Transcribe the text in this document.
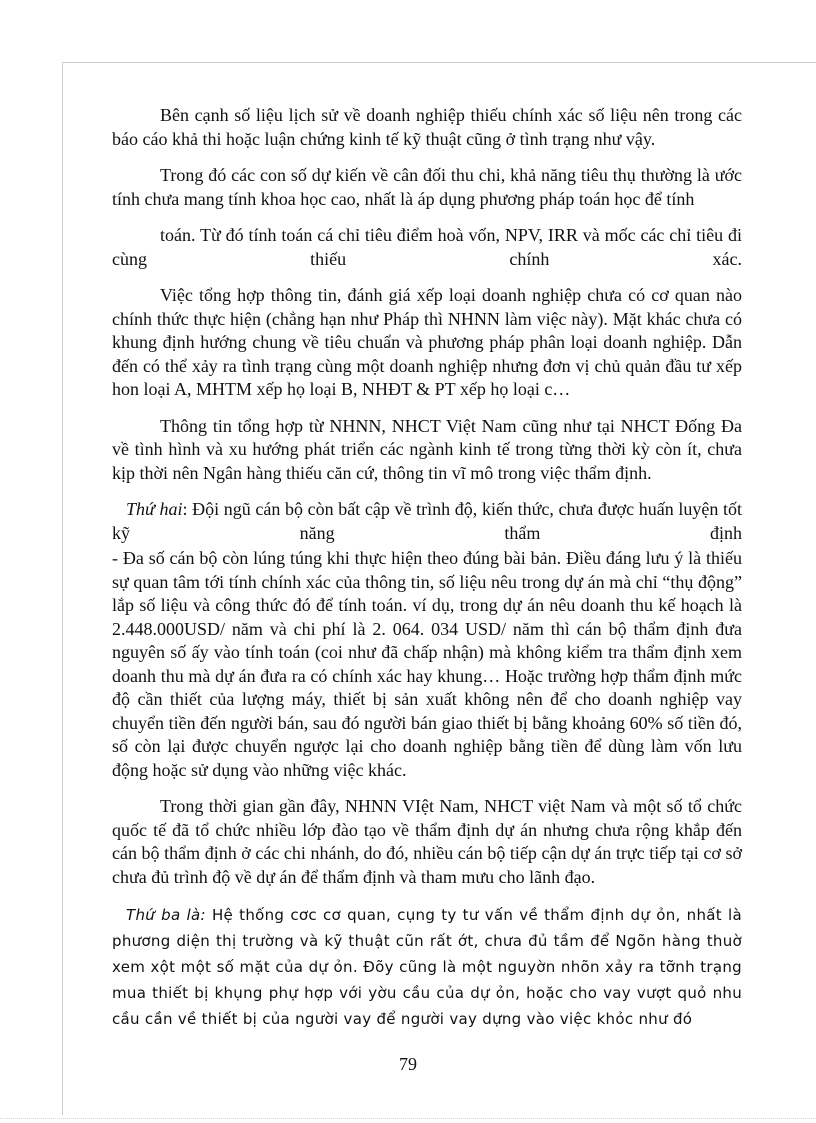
Bên cạnh số liệu lịch sử về doanh nghiệp thiếu chính xác số liệu nên trong các báo cáo khả thi hoặc luận chứng kinh tế kỹ thuật cũng ở tình trạng như vậy.

Trong đó các con số dự kiến về cân đối thu chi, khả năng tiêu thụ thường là ước tính chưa mang tính khoa học cao, nhất là áp dụng phương pháp toán học để tính

toán. Từ đó tính toán cá chỉ tiêu điểm hoà vốn, NPV, IRR và mốc các chỉ tiêu đi cùng thiếu chính xác.

Việc tổng hợp thông tin, đánh giá xếp loại doanh nghiệp chưa có cơ quan nào chính thức thực hiện (chẳng hạn như Pháp thì NHNN làm việc này). Mặt khác chưa có khung định hướng chung về tiêu chuẩn và phương pháp phân loại doanh nghiệp. Dẫn đến có thể xảy ra tình trạng cùng một doanh nghiệp nhưng đơn vị chủ quản đầu tư xếp hon loại A, MHTM xếp họ loại B, NHĐT & PT xếp họ loại c…

Thông tin tổng hợp từ NHNN, NHCT Việt Nam cũng như tại NHCT Đống Đa về tình hình và xu hướng phát triển các ngành kinh tế trong từng thời kỳ còn ít, chưa kịp thời nên Ngân hàng thiếu căn cứ, thông tin vĩ mô trong việc thẩm định.

Thứ hai: Đội ngũ cán bộ còn bất cập về trình độ, kiến thức, chưa được huấn luyện tốt kỹ năng thẩm định

- Đa số cán bộ còn lúng túng khi thực hiện theo đúng bài bản. Điều đáng lưu ý là thiếu sự quan tâm tới tính chính xác của thông tin, số liệu nêu trong dự án mà chỉ “thụ động” lắp số liệu và công thức đó để tính toán. ví dụ, trong dự án nêu doanh thu kế hoạch là 2.448.000USD/ năm và chi phí là 2. 064. 034 USD/ năm thì cán bộ thẩm định đưa nguyên số ấy vào tính toán (coi như đã chấp nhận) mà không kiểm tra thẩm định xem doanh thu mà dự án đưa ra có chính xác hay khung… Hoặc trường hợp thẩm định mức độ cần thiết của lượng máy, thiết bị sản xuất không nên để cho doanh nghiệp vay chuyển tiền đến người bán, sau đó người bán giao thiết bị bằng khoảng 60% số tiền đó, số còn lại được chuyển ngược lại cho doanh nghiệp bằng tiền để dùng làm vốn lưu động hoặc sử dụng vào những việc khác.

Trong thời gian gần đây, NHNN VIệt Nam, NHCT việt Nam và một số tổ chức quốc tế đã tổ chức nhiều lớp đào tạo về thẩm định dự án nhưng chưa rộng khắp đến cán bộ thẩm định ở các chi nhánh, do đó, nhiều cán bộ tiếp cận dự án trực tiếp tại cơ sở chưa đủ trình độ về dự án để thẩm định và tham mưu cho lãnh đạo.

Thứ ba là: Hệ thống cơc cơ quan, cụng ty tư vấn về thẩm định dự ỏn, nhất là phương diện thị trường và kỹ thuật cũn rất ớt, chưa đủ tầm để Ngõn hàng thuờ xem xột một số mặt của dự ỏn. Đõy cũng là một nguyờn nhõn xảy ra tỡnh trạng mua thiết bị khụng phự hợp với yờu cầu của dự ỏn, hoặc cho vay vượt quỏ nhu cầu cần về thiết bị của người vay để người vay dựng vào việc khỏc như đó

79
